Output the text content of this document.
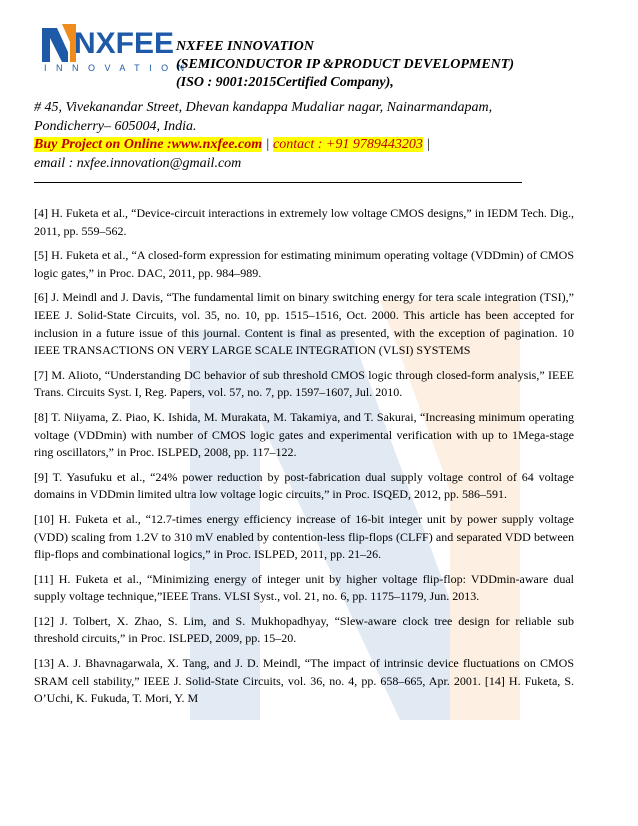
NXFEE
INNOVATION
NXFEE INNOVATION
(SEMICONDUCTOR IP &PRODUCT DEVELOPMENT)
(ISO : 9001:2015Certified Company),
# 45, Vivekanandar Street, Dhevan kandappa Mudaliar nagar, Nainarmandapam,
Pondicherry– 605004, India.
Buy Project on Online :www.nxfee.com | contact : +91 9789443203 |
email : nxfee.innovation@gmail.com

[4] H. Fuketa et al., “Device-circuit interactions in extremely low voltage CMOS designs,” in IEDM Tech. Dig., 2011, pp. 559–562.

[5] H. Fuketa et al., “A closed-form expression for estimating minimum operating voltage (VDDmin) of CMOS logic gates,” in Proc. DAC, 2011, pp. 984–989.

[6] J. Meindl and J. Davis, “The fundamental limit on binary switching energy for tera scale integration (TSI),” IEEE J. Solid-State Circuits, vol. 35, no. 10, pp. 1515–1516, Oct. 2000. This article has been accepted for inclusion in a future issue of this journal. Content is final as presented, with the exception of pagination. 10 IEEE TRANSACTIONS ON VERY LARGE SCALE INTEGRATION (VLSI) SYSTEMS

[7] M. Alioto, “Understanding DC behavior of sub threshold CMOS logic through closed-form analysis,” IEEE Trans. Circuits Syst. I, Reg. Papers, vol. 57, no. 7, pp. 1597–1607, Jul. 2010.

[8] T. Niiyama, Z. Piao, K. Ishida, M. Murakata, M. Takamiya, and T. Sakurai, “Increasing minimum operating voltage (VDDmin) with number of CMOS logic gates and experimental verification with up to 1Mega-stage ring oscillators,” in Proc. ISLPED, 2008, pp. 117–122.

[9] T. Yasufuku et al., “24% power reduction by post-fabrication dual supply voltage control of 64 voltage domains in VDDmin limited ultra low voltage logic circuits,” in Proc. ISQED, 2012, pp. 586–591.

[10] H. Fuketa et al., “12.7-times energy efficiency increase of 16-bit integer unit by power supply voltage (VDD) scaling from 1.2V to 310 mV enabled by contention-less flip-flops (CLFF) and separated VDD between flip-flops and combinational logics,” in Proc. ISLPED, 2011, pp. 21–26.

[11] H. Fuketa et al., “Minimizing energy of integer unit by higher voltage flip-flop: VDDmin-aware dual supply voltage technique,”IEEE Trans. VLSI Syst., vol. 21, no. 6, pp. 1175–1179, Jun. 2013.

[12] J. Tolbert, X. Zhao, S. Lim, and S. Mukhopadhyay, “Slew-aware clock tree design for reliable sub threshold circuits,” in Proc. ISLPED, 2009, pp. 15–20.

[13] A. J. Bhavnagarwala, X. Tang, and J. D. Meindl, “The impact of intrinsic device fluctuations on CMOS SRAM cell stability,” IEEE J. Solid-State Circuits, vol. 36, no. 4, pp. 658–665, Apr. 2001. [14] H. Fuketa, S. O’Uchi, K. Fukuda, T. Mori, Y. M
